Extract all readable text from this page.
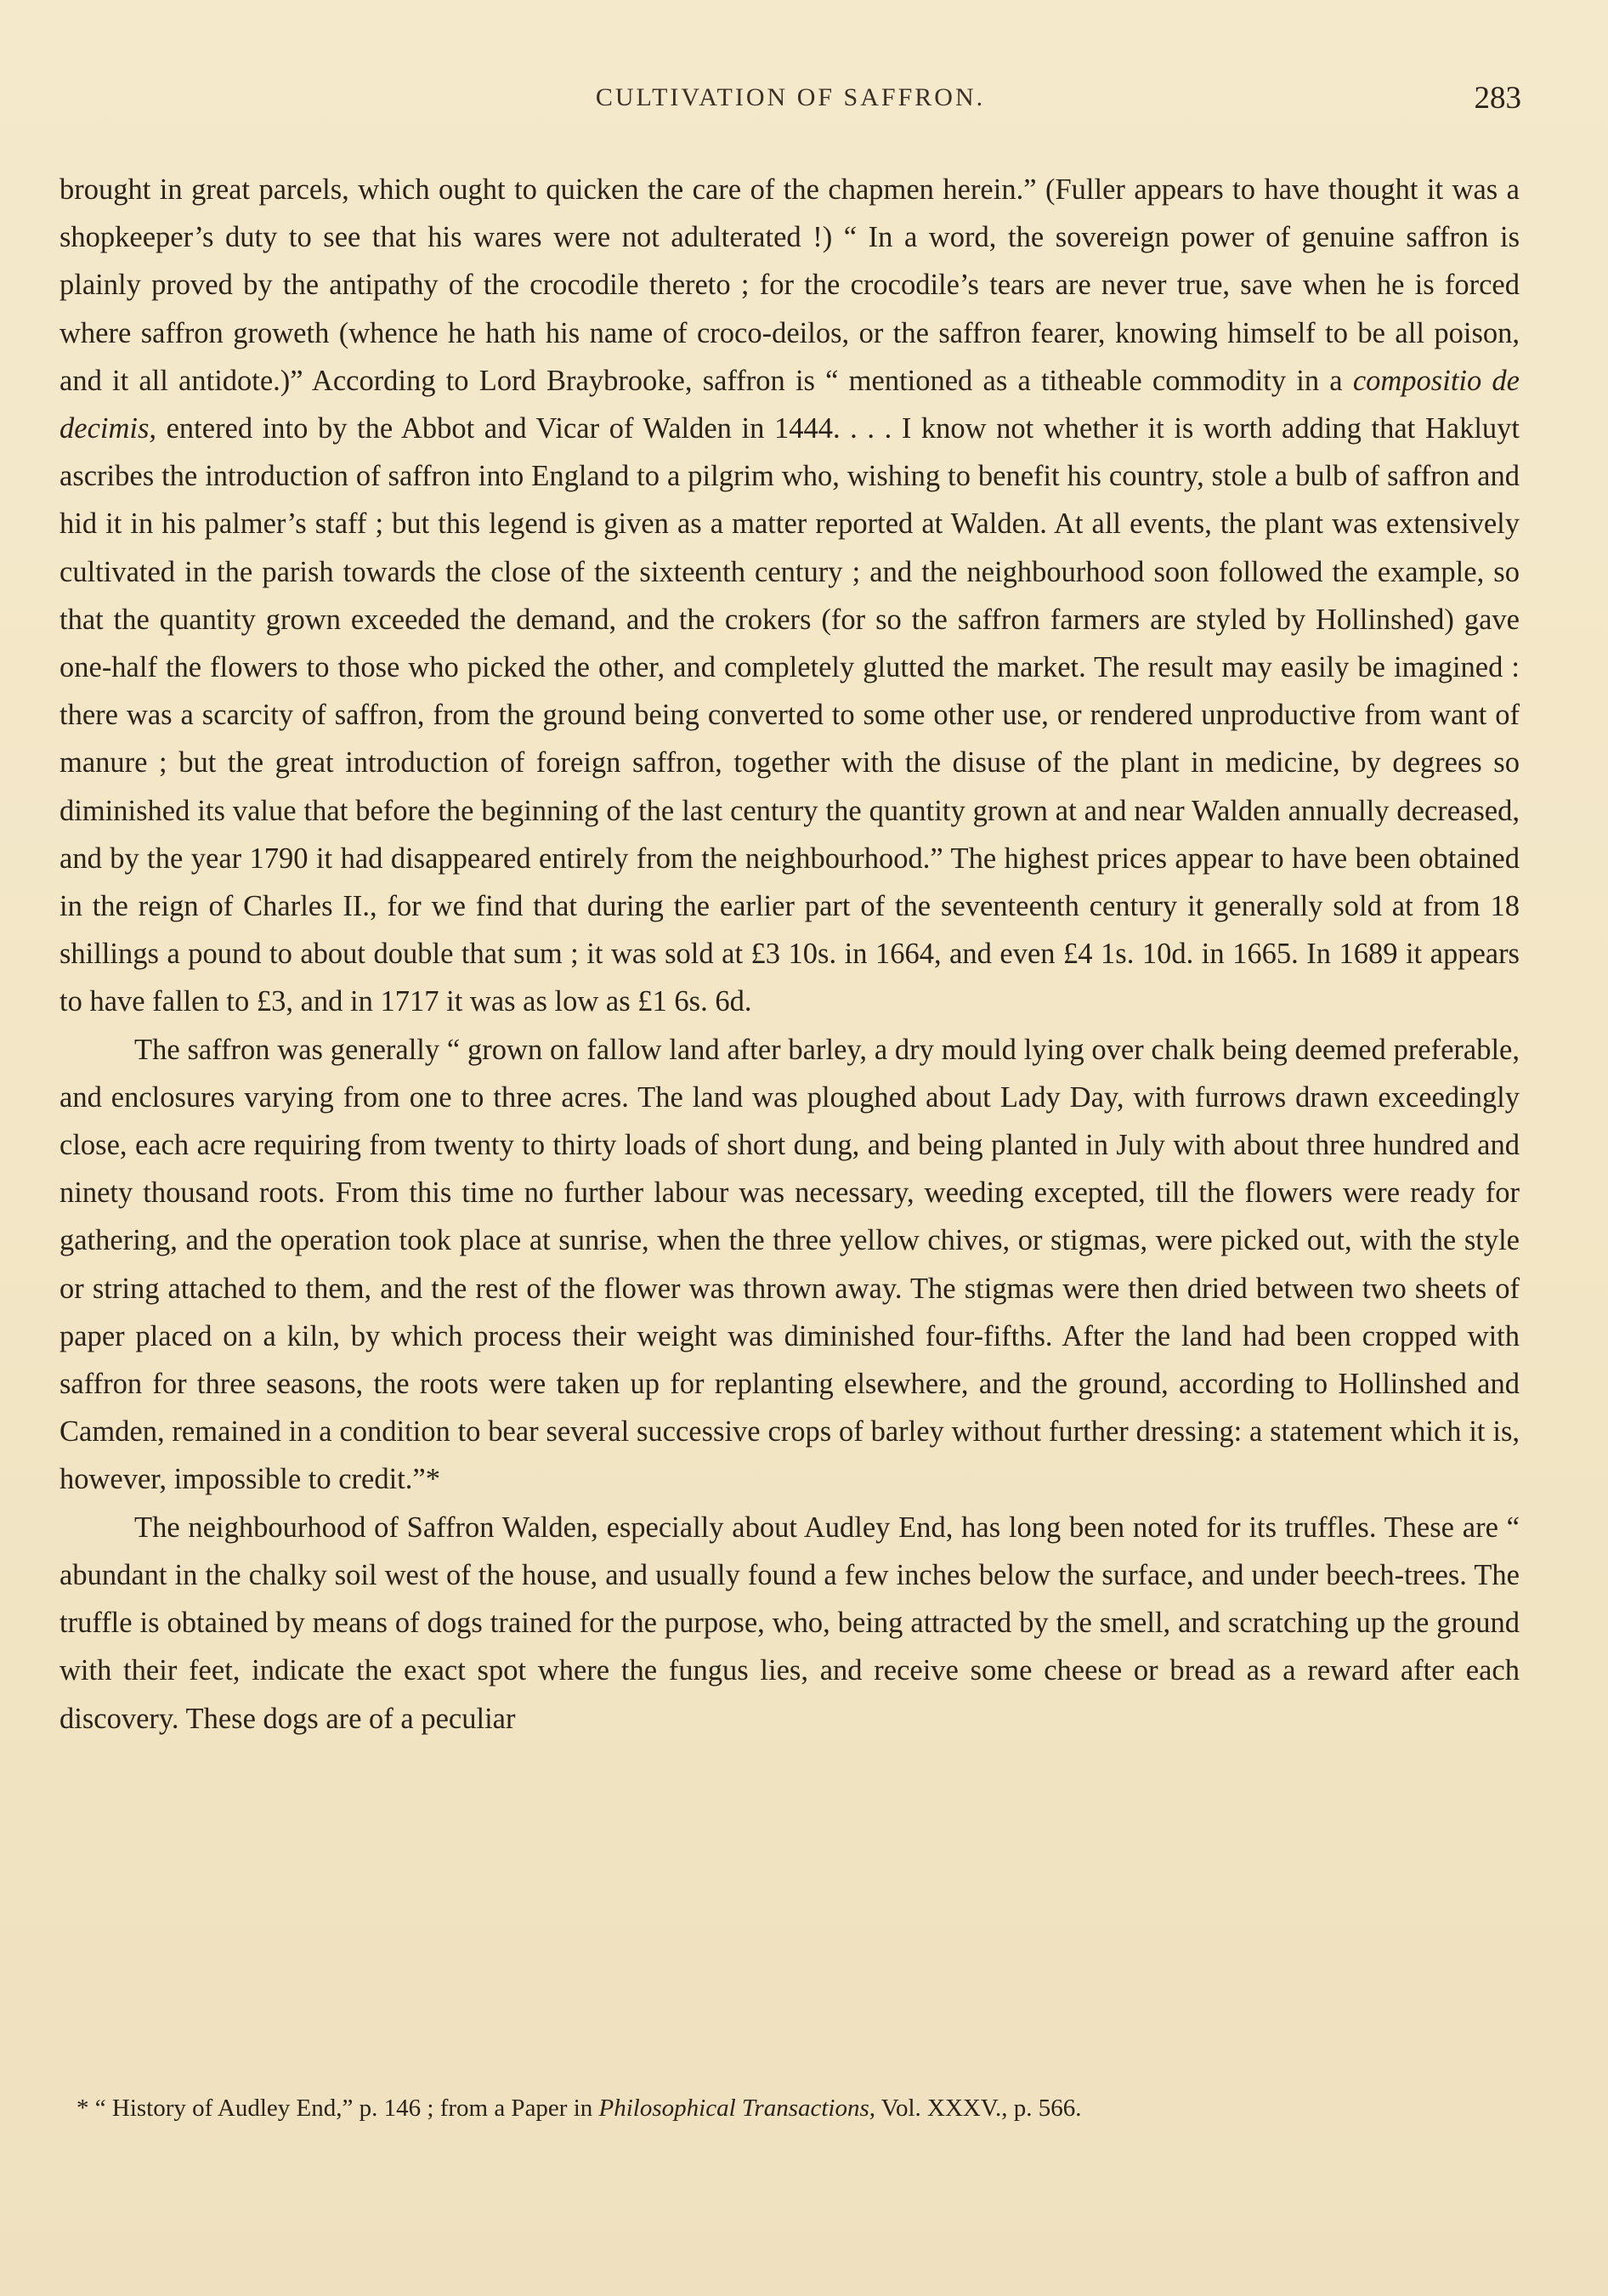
CULTIVATION OF SAFFRON.	283

brought in great parcels, which ought to quicken the care of the chapmen herein.” (Fuller appears to have thought it was a shopkeeper’s duty to see that his wares were not adulterated !) “ In a word, the sovereign power of genuine saffron is plainly proved by the antipathy of the crocodile thereto ; for the crocodile’s tears are never true, save when he is forced where saffron groweth (whence he hath his name of croco-deilos, or the saffron fearer, knowing himself to be all poison, and it all antidote.)” According to Lord Braybrooke, saffron is “ mentioned as a titheable commodity in a compositio de decimis, entered into by the Abbot and Vicar of Walden in 1444. . . . I know not whether it is worth adding that Hakluyt ascribes the introduction of saffron into England to a pilgrim who, wishing to benefit his country, stole a bulb of saffron and hid it in his palmer’s staff ; but this legend is given as a matter reported at Walden. At all events, the plant was extensively cultivated in the parish towards the close of the sixteenth century ; and the neighbourhood soon followed the example, so that the quantity grown exceeded the demand, and the crokers (for so the saffron farmers are styled by Hollinshed) gave one-half the flowers to those who picked the other, and completely glutted the market. The result may easily be imagined : there was a scarcity of saffron, from the ground being converted to some other use, or rendered unproductive from want of manure ; but the great introduction of foreign saffron, together with the disuse of the plant in medicine, by degrees so diminished its value that before the beginning of the last century the quantity grown at and near Walden annually decreased, and by the year 1790 it had disappeared entirely from the neighbourhood.” The highest prices appear to have been obtained in the reign of Charles II., for we find that during the earlier part of the seventeenth century it generally sold at from 18 shillings a pound to about double that sum ; it was sold at £3 10s. in 1664, and even £4 1s. 10d. in 1665. In 1689 it appears to have fallen to £3, and in 1717 it was as low as £1 6s. 6d.

The saffron was generally “ grown on fallow land after barley, a dry mould lying over chalk being deemed preferable, and enclosures varying from one to three acres. The land was ploughed about Lady Day, with furrows drawn exceedingly close, each acre requiring from twenty to thirty loads of short dung, and being planted in July with about three hundred and ninety thousand roots. From this time no further labour was necessary, weeding excepted, till the flowers were ready for gathering, and the operation took place at sunrise, when the three yellow chives, or stigmas, were picked out, with the style or string attached to them, and the rest of the flower was thrown away. The stigmas were then dried between two sheets of paper placed on a kiln, by which process their weight was diminished four-fifths. After the land had been cropped with saffron for three seasons, the roots were taken up for replanting elsewhere, and the ground, according to Hollinshed and Camden, remained in a condition to bear several successive crops of barley without further dressing: a statement which it is, however, impossible to credit.”*

The neighbourhood of Saffron Walden, especially about Audley End, has long been noted for its truffles. These are “ abundant in the chalky soil west of the house, and usually found a few inches below the surface, and under beech-trees. The truffle is obtained by means of dogs trained for the purpose, who, being attracted by the smell, and scratching up the ground with their feet, indicate the exact spot where the fungus lies, and receive some cheese or bread as a reward after each discovery. These dogs are of a peculiar

* “ History of Audley End,” p. 146 ; from a Paper in Philosophical Transactions, Vol. XXXV., p. 566.
